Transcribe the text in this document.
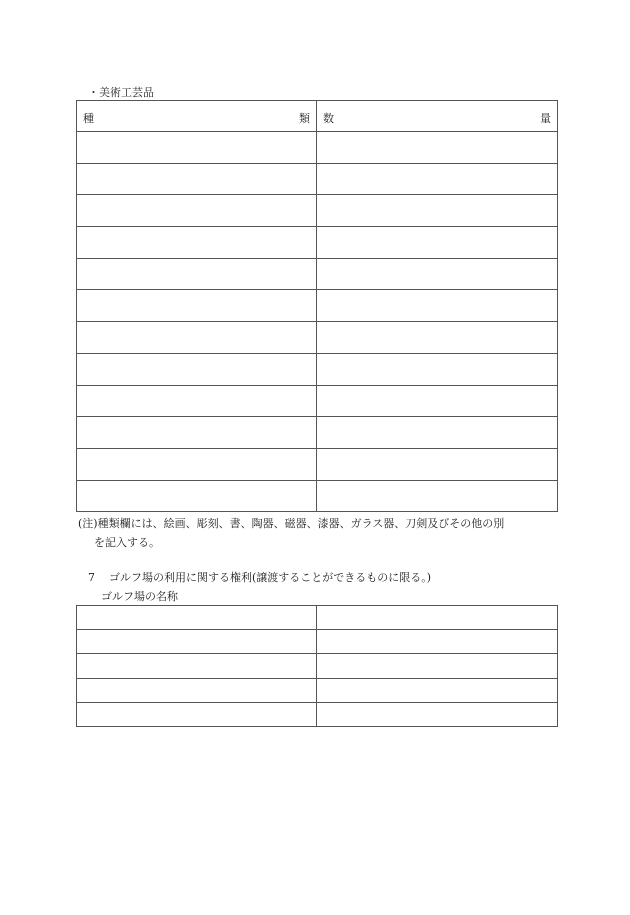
・美術工芸品
種 類	数 量

(注)種類欄には、絵画、彫刻、書、陶器、磁器、漆器、ガラス器、刀剣及びその他の別
を記入する。
7 ゴルフ場の利用に関する権利(譲渡することができるものに限る。)
ゴルフ場の名称
